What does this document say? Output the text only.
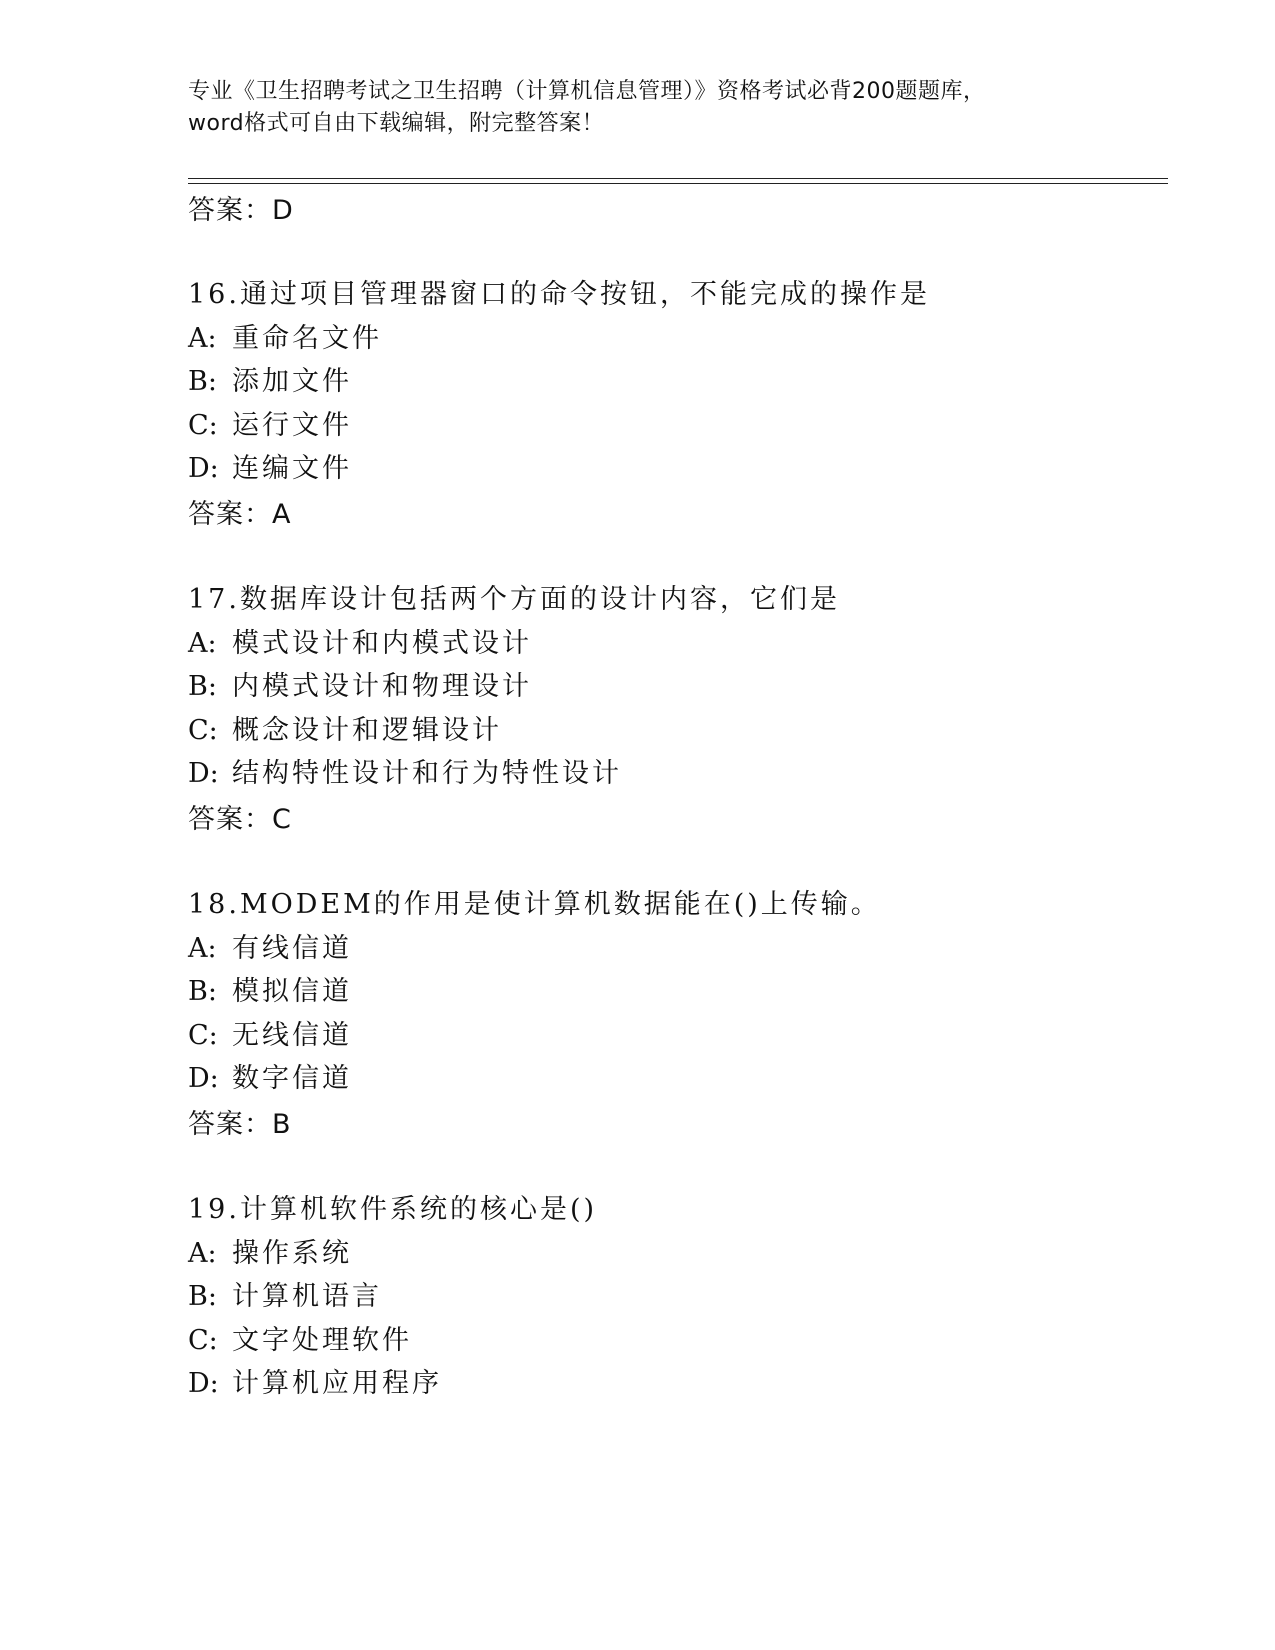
专业《卫生招聘考试之卫生招聘（计算机信息管理）》资格考试必背200题题库，
word格式可自由下载编辑，附完整答案！
答案：D
16.通过项目管理器窗口的命令按钮，不能完成的操作是
A: 重命名文件
B: 添加文件
C: 运行文件
D: 连编文件
答案：A
17.数据库设计包括两个方面的设计内容，它们是
A: 模式设计和内模式设计
B: 内模式设计和物理设计
C: 概念设计和逻辑设计
D: 结构特性设计和行为特性设计
答案：C
18.MODEM的作用是使计算机数据能在()上传输。
A: 有线信道
B: 模拟信道
C: 无线信道
D: 数字信道
答案：B
19.计算机软件系统的核心是()
A: 操作系统
B: 计算机语言
C: 文字处理软件
D: 计算机应用程序
